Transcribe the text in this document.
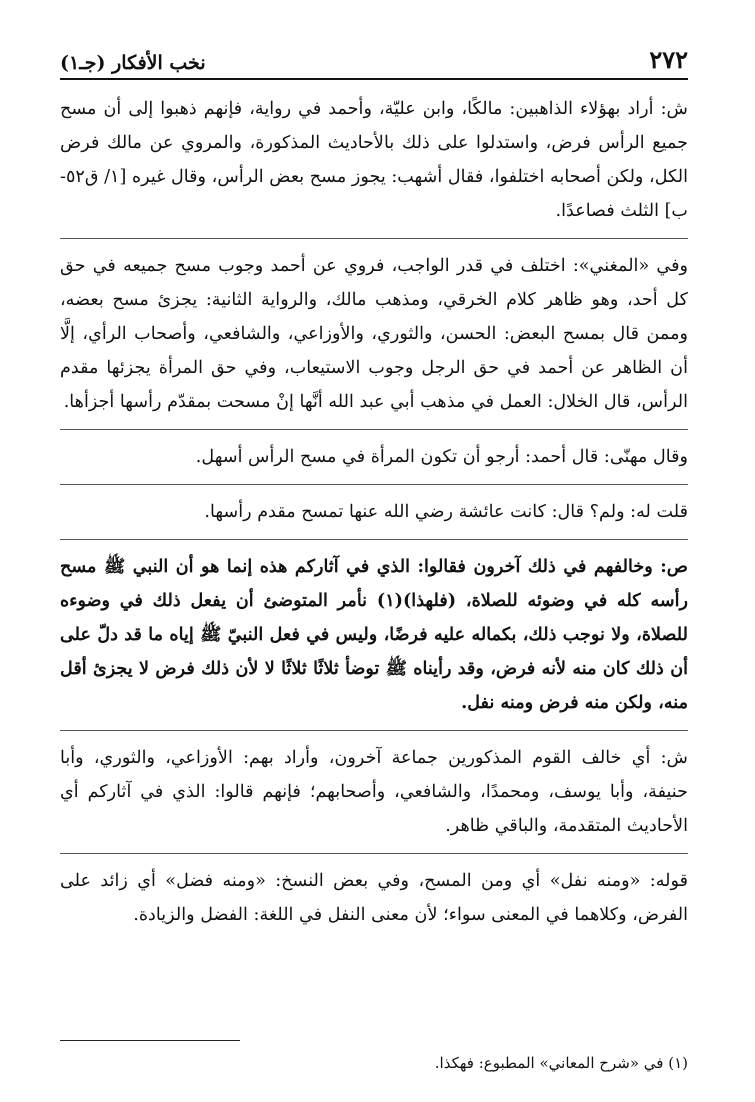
٢٧٢
نخب الأفكار (جـ١)

ش: أراد بهؤلاء الذاهبين: مالكًا، وابن عليّة، وأحمد في رواية، فإنهم ذهبوا إلى أن مسح جميع الرأس فرض، واستدلوا على ذلك بالأحاديث المذكورة، والمروي عن مالك فرض الكل، ولكن أصحابه اختلفوا، فقال أشهب: يجوز مسح بعض الرأس، وقال غيره [١/ ق٥٢-ب] الثلث فصاعدًا.

وفي «المغني»: اختلف في قدر الواجب، فروي عن أحمد وجوب مسح جميعه في حق كل أحد، وهو ظاهر كلام الخرقي، ومذهب مالك، والرواية الثانية: يجزئ مسح بعضه، وممن قال بمسح البعض: الحسن، والثوري، والأوزاعي، والشافعي، وأصحاب الرأي، إلَّا أن الظاهر عن أحمد في حق الرجل وجوب الاستيعاب، وفي حق المرأة يجزئها مقدم الرأس، قال الخلال: العمل في مذهب أبي عبد الله أنَّها إنْ مسحت بمقدّم رأسها أجزأها.

وقال مهنّى: قال أحمد: أرجو أن تكون المرأة في مسح الرأس أسهل.

قلت له: ولم؟ قال: كانت عائشة رضي الله عنها تمسح مقدم رأسها.

ص: وخالفهم في ذلك آخرون فقالوا: الذي في آثاركم هذه إنما هو أن النبي ﷺ مسح رأسه كله في وضوئه للصلاة، (فلهذا)(١) نأمر المتوضئ أن يفعل ذلك في وضوءه للصلاة، ولا نوجب ذلك، بكماله عليه فرضًا، وليس في فعل النبيّ ﷺ إياه ما قد دلّ على أن ذلك كان منه لأنه فرض، وقد رأيناه ﷺ توضأ ثلاثًا ثلاثًا لا لأن ذلك فرض لا يجزئ أقل منه، ولكن منه فرض ومنه نفل.

ش: أي خالف القوم المذكورين جماعة آخرون، وأراد بهم: الأوزاعي، والثوري، وأبا حنيفة، وأبا يوسف، ومحمدًا، والشافعي، وأصحابهم؛ فإنهم قالوا: الذي في آثاركم أي الأحاديث المتقدمة، والباقي ظاهر.

قوله: «ومنه نفل» أي ومن المسح، وفي بعض النسخ: «ومنه فضل» أي زائد على الفرض، وكلاهما في المعنى سواء؛ لأن معنى النفل في اللغة: الفضل والزيادة.

(١) في «شرح المعاني» المطبوع: فهكذا.
